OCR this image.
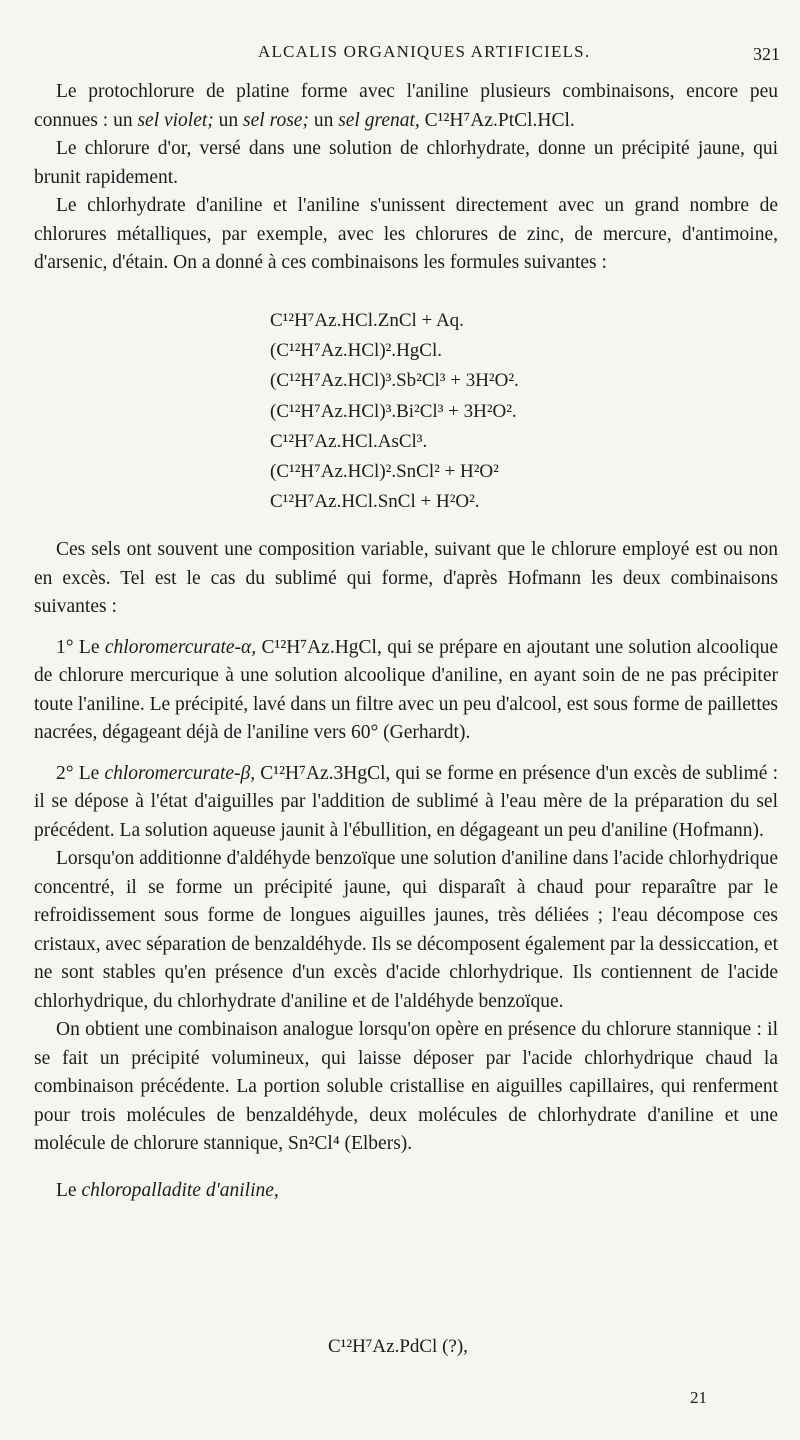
ALCALIS ORGANIQUES ARTIFICIELS.	321

Le protochlorure de platine forme avec l'aniline plusieurs combinaisons, encore peu connues : un sel violet; un sel rose; un sel grenat, C¹²H⁷Az.PtCl.HCl.

Le chlorure d'or, versé dans une solution de chlorhydrate, donne un précipité jaune, qui brunit rapidement.

Le chlorhydrate d'aniline et l'aniline s'unissent directement avec un grand nombre de chlorures métalliques, par exemple, avec les chlorures de zinc, de mercure, d'antimoine, d'arsenic, d'étain. On a donné à ces combinaisons les formules suivantes :

C¹²H⁷Az.HCl.ZnCl + Aq.
(C¹²H⁷Az.HCl)².HgCl.
(C¹²H⁷Az.HCl)³.Sb²Cl³ + 3H²O².
(C¹²H⁷Az.HCl)³.Bi²Cl³ + 3H²O².
C¹²H⁷Az.HCl.AsCl³.
(C¹²H⁷Az.HCl)².SnCl² + H²O²
C¹²H⁷Az.HCl.SnCl + H²O².

Ces sels ont souvent une composition variable, suivant que le chlorure employé est ou non en excès. Tel est le cas du sublimé qui forme, d'après Hofmann les deux combinaisons suivantes :

1° Le chloromercurate-α, C¹²H⁷Az.HgCl, qui se prépare en ajoutant une solution alcoolique de chlorure mercurique à une solution alcoolique d'aniline, en ayant soin de ne pas précipiter toute l'aniline. Le précipité, lavé dans un filtre avec un peu d'alcool, est sous forme de paillettes nacrées, dégageant déjà de l'aniline vers 60° (Gerhardt).

2° Le chloromercurate-β, C¹²H⁷Az.3HgCl, qui se forme en présence d'un excès de sublimé : il se dépose à l'état d'aiguilles par l'addition de sublimé à l'eau mère de la préparation du sel précédent. La solution aqueuse jaunit à l'ébullition, en dégageant un peu d'aniline (Hofmann).

Lorsqu'on additionne d'aldéhyde benzoïque une solution d'aniline dans l'acide chlorhydrique concentré, il se forme un précipité jaune, qui disparaît à chaud pour reparaître par le refroidissement sous forme de longues aiguilles jaunes, très déliées ; l'eau décompose ces cristaux, avec séparation de benzaldéhyde. Ils se décomposent également par la dessiccation, et ne sont stables qu'en présence d'un excès d'acide chlorhydrique. Ils contiennent de l'acide chlorhydrique, du chlorhydrate d'aniline et de l'aldéhyde benzoïque.

On obtient une combinaison analogue lorsqu'on opère en présence du chlorure stannique : il se fait un précipité volumineux, qui laisse déposer par l'acide chlorhydrique chaud la combinaison précédente. La portion soluble cristallise en aiguilles capillaires, qui renferment pour trois molécules de benzaldéhyde, deux molécules de chlorhydrate d'aniline et une molécule de chlorure stannique, Sn²Cl⁴ (Elbers).

Le chloropalladite d'aniline,

C¹²H⁷Az.PdCl (?),
21
